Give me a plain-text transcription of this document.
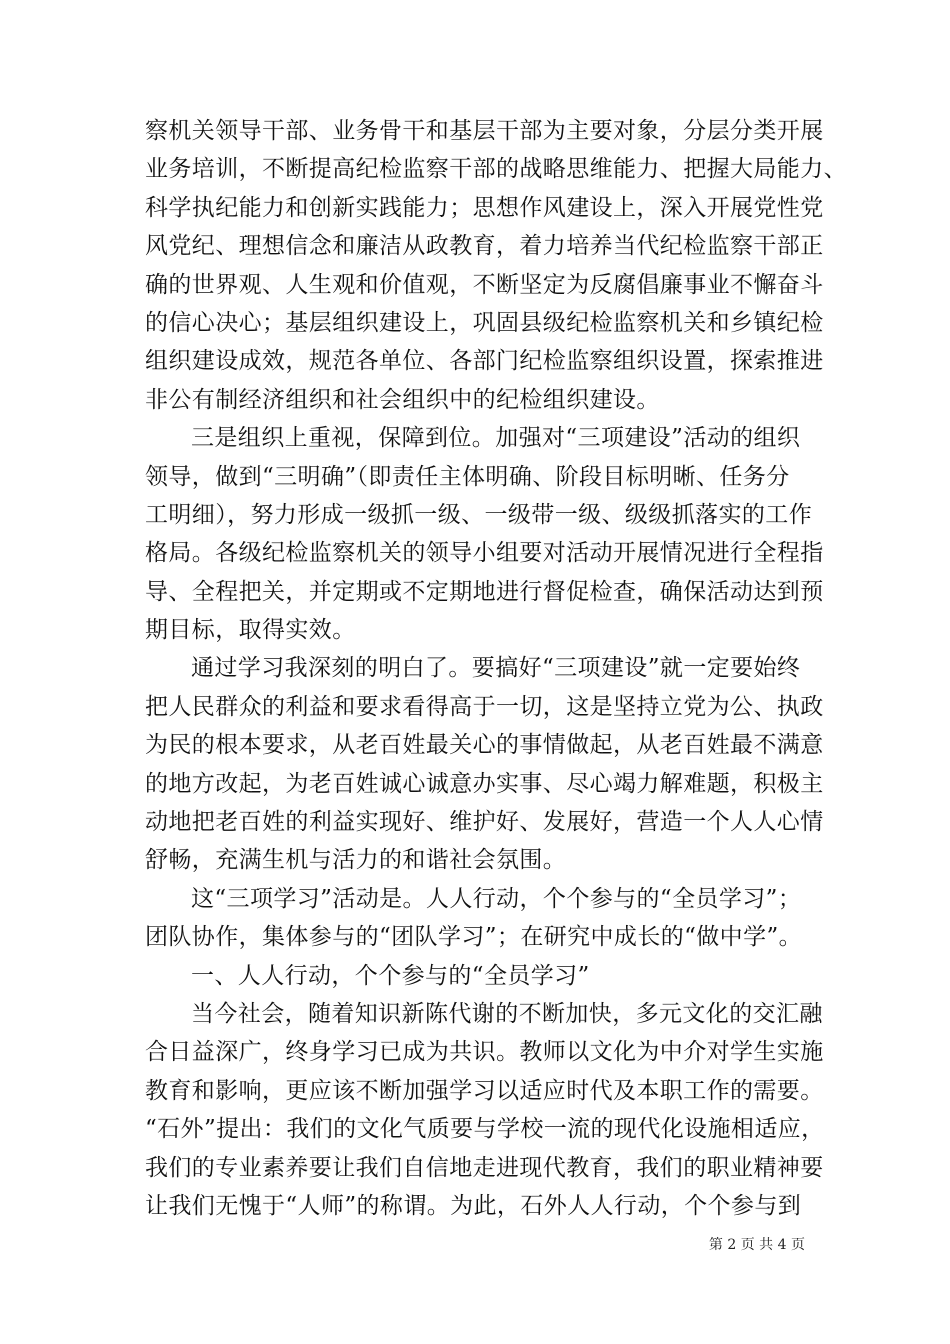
察机关领导干部、业务骨干和基层干部为主要对象，分层分类开展
业务培训，不断提高纪检监察干部的战略思维能力、把握大局能力、
科学执纪能力和创新实践能力；思想作风建设上，深入开展党性党
风党纪、理想信念和廉洁从政教育，着力培养当代纪检监察干部正
确的世界观、人生观和价值观，不断坚定为反腐倡廉事业不懈奋斗
的信心决心；基层组织建设上，巩固县级纪检监察机关和乡镇纪检
组织建设成效，规范各单位、各部门纪检监察组织设置，探索推进
非公有制经济组织和社会组织中的纪检组织建设。
三是组织上重视，保障到位。加强对“三项建设”活动的组织
领导，做到“三明确”（即责任主体明确、阶段目标明晰、任务分
工明细），努力形成一级抓一级、一级带一级、级级抓落实的工作
格局。各级纪检监察机关的领导小组要对活动开展情况进行全程指
导、全程把关，并定期或不定期地进行督促检查，确保活动达到预
期目标，取得实效。
通过学习我深刻的明白了。要搞好“三项建设”就一定要始终
把人民群众的利益和要求看得高于一切，这是坚持立党为公、执政
为民的根本要求，从老百姓最关心的事情做起，从老百姓最不满意
的地方改起，为老百姓诚心诚意办实事、尽心竭力解难题，积极主
动地把老百姓的利益实现好、维护好、发展好，营造一个人人心情
舒畅，充满生机与活力的和谐社会氛围。
这“三项学习”活动是。人人行动，个个参与的“全员学习”；
团队协作，集体参与的“团队学习”；在研究中成长的“做中学”。
一、人人行动，个个参与的“全员学习”
当今社会，随着知识新陈代谢的不断加快，多元文化的交汇融
合日益深广，终身学习已成为共识。教师以文化为中介对学生实施
教育和影响，更应该不断加强学习以适应时代及本职工作的需要。
“石外”提出：我们的文化气质要与学校一流的现代化设施相适应，
我们的专业素养要让我们自信地走进现代教育，我们的职业精神要
让我们无愧于“人师”的称谓。为此，石外人人行动，个个参与到
第 2 页 共 4 页
